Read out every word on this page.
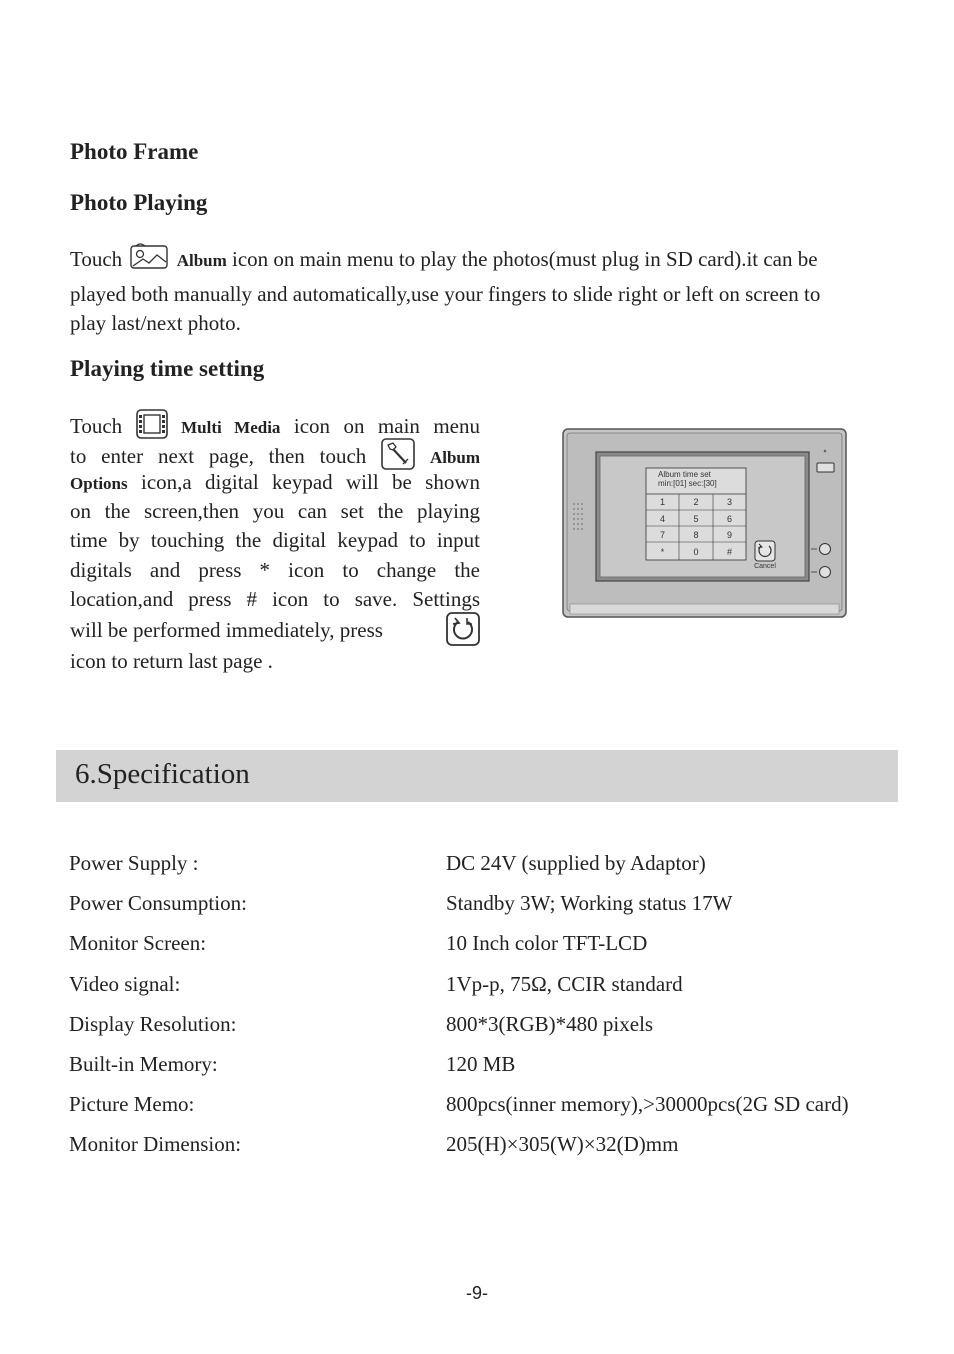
Photo Frame
Photo Playing
Touch	Album icon on main menu to play the photos(must plug in SD card).it can be
played both manually and automatically,use your fingers to slide right or left on screen to
play last/next photo.
Playing time setting
Touch	Multi Media icon on main menu
to enter next page, then touch	Album
Options icon,a digital keypad will be shown
on the screen,then you can set the playing
time by touching the digital keypad to input
digitals and press * icon to change the
location,and press # icon to save. Settings
will be performed immediately, press
icon to return last page .
Album time set
min:[01] sec:[30]
1	2	3
4	5	6
7	8	9
*	0	#
Cancel
6.Specification
Power Supply :	DC 24V (supplied by Adaptor)
Power Consumption:	Standby 3W; Working status 17W
Monitor Screen:	10 Inch color TFT-LCD
Video signal:	1Vp-p, 75Ω, CCIR standard
Display Resolution:	800*3(RGB)*480 pixels
Built-in Memory:	120 MB
Picture Memo:	800pcs(inner memory),>30000pcs(2G SD card)
Monitor Dimension:	205(H)×305(W)×32(D)mm
-9-
